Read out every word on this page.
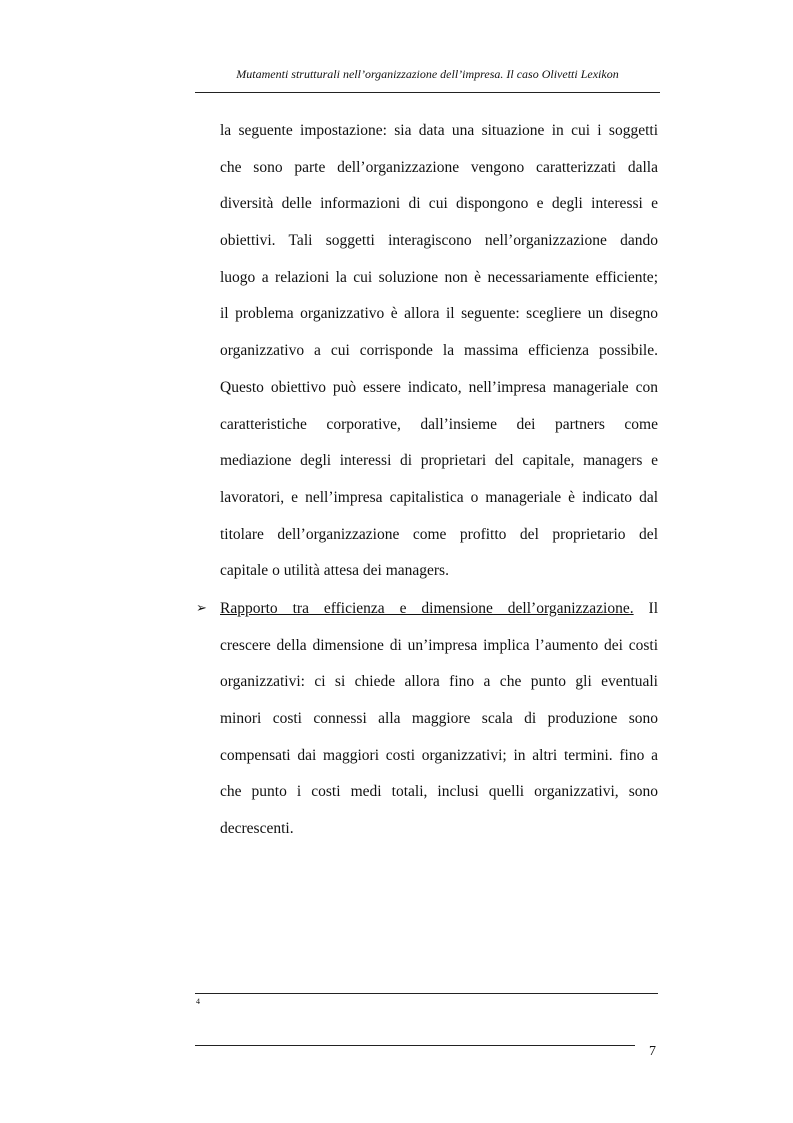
Mutamenti strutturali nell’organizzazione dell’impresa. Il caso Olivetti Lexikon
la seguente impostazione: sia data una situazione in cui i soggetti
che sono parte dell’organizzazione vengono caratterizzati dalla
diversità delle informazioni di cui dispongono e degli interessi e
obiettivi. Tali soggetti interagiscono nell’organizzazione dando
luogo a relazioni la cui soluzione non è necessariamente efficiente;
il problema organizzativo è allora il seguente: scegliere un disegno
organizzativo a cui corrisponde la massima efficienza possibile.
Questo obiettivo può essere indicato, nell’impresa manageriale con
caratteristiche corporative, dall’insieme dei partners come
mediazione degli interessi di proprietari del capitale, managers e
lavoratori, e nell’impresa capitalistica o manageriale è indicato dal
titolare dell’organizzazione come profitto del proprietario del
capitale o utilità attesa dei managers.
➢ Rapporto tra efficienza e dimensione dell’organizzazione. Il
crescere della dimensione di un’impresa implica l’aumento dei costi
organizzativi: ci si chiede allora fino a che punto gli eventuali
minori costi connessi alla maggiore scala di produzione sono
compensati dai maggiori costi organizzativi; in altri termini. fino a
che punto i costi medi totali, inclusi quelli organizzativi, sono
decrescenti.
4
7
